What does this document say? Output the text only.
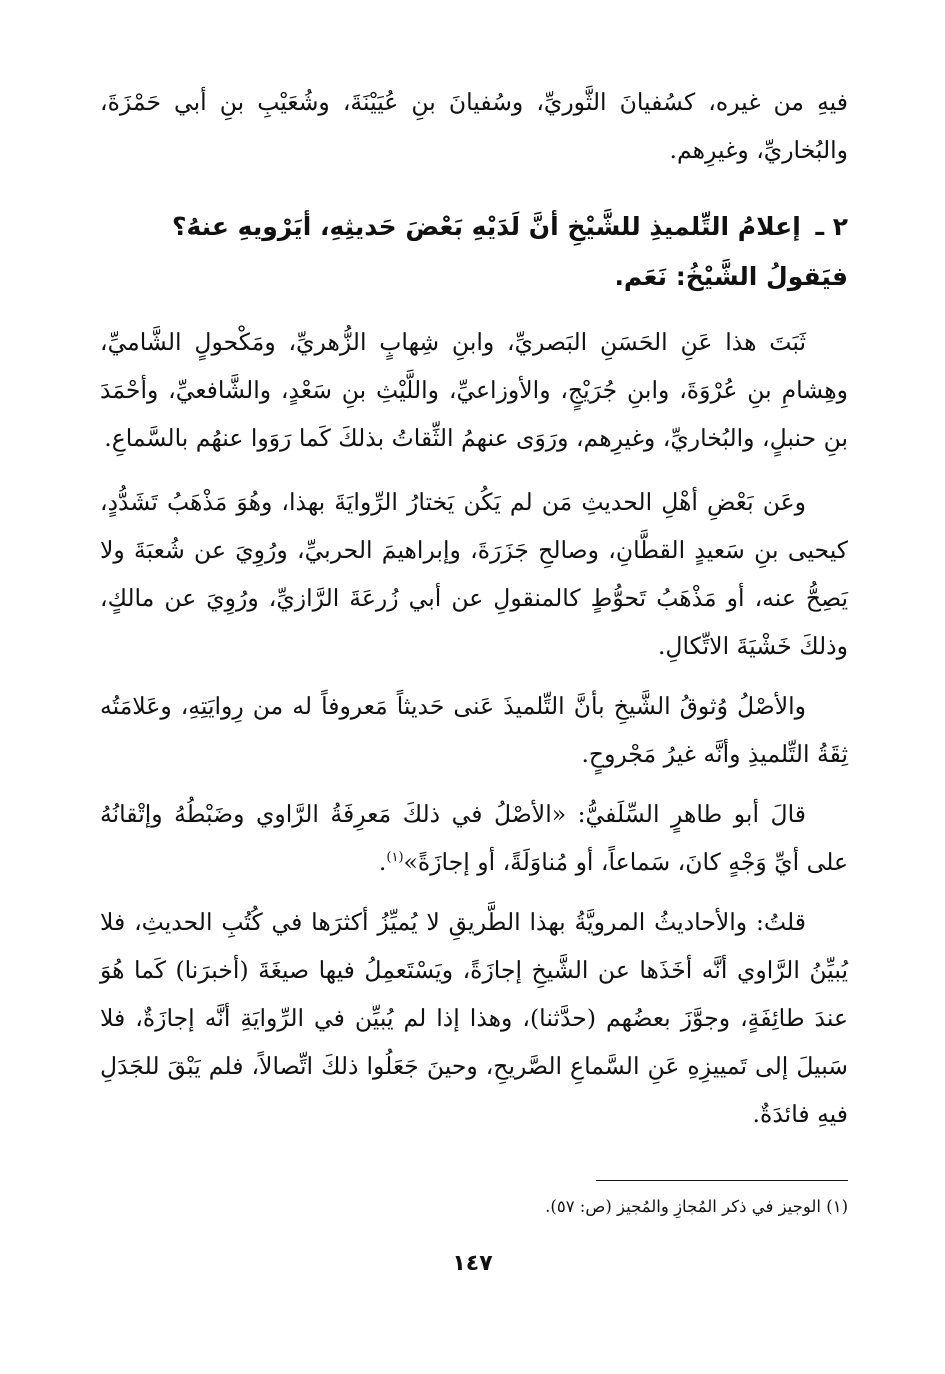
فيهِ من غيره، كسُفيانَ الثَّوريِّ، وسُفيانَ بنِ عُيَيْنَةَ، وشُعَيْبِ بنِ أبي حَمْزَةَ، والبُخاريِّ، وغيرِهم.

٢ ـ إعلامُ التِّلميذِ للشَّيْخِ أنَّ لَدَيْهِ بَعْضَ حَديثِهِ، أيَرْويهِ عنهُ؟
فيَقولُ الشَّيْخُ: نَعَم.

ثَبَتَ هذا عَنِ الحَسَنِ البَصريِّ، وابنِ شِهابٍ الزُّهريِّ، ومَكْحولٍ الشَّاميِّ، وهِشامِ بنِ عُرْوَةَ، وابنِ جُرَيْجٍ، والأوزاعيِّ، واللَّيْثِ بنِ سَعْدٍ، والشَّافعيِّ، وأحْمَدَ بنِ حنبلٍ، والبُخاريِّ، وغيرِهم، ورَوَى عنهمُ الثِّقاتُ بذلكَ كَما رَوَوا عنهُم بالسَّماعِ.

وعَن بَعْضِ أهْلِ الحديثِ مَن لم يَكُن يَختارُ الرِّوايَةَ بهذا، وهُوَ مَذْهَبُ تَشَدُّدٍ، كيحيى بنِ سَعيدٍ القطَّانِ، وصالحِ جَزَرَةَ، وإبراهيمَ الحربيِّ، ورُوِيَ عن شُعبَةَ ولا يَصِحُّ عنه، أو مَذْهَبُ تَحوُّطٍ كالمنقولِ عن أبي زُرعَةَ الرَّازيِّ، ورُوِيَ عن مالكٍ، وذلكَ خَشْيَةَ الاتِّكالِ.

والأصْلُ وُثوقُ الشَّيخِ بأنَّ التِّلميذَ عَنى حَديثاً مَعروفاً له من رِوايَتِهِ، وعَلامَتُه ثِقَةُ التِّلميذِ وأنَّه غيرُ مَجْروحٍ.

قالَ أبو طاهرٍ السِّلَفيُّ: «الأصْلُ في ذلكَ مَعرِفَةُ الرَّاوي وضَبْطُهُ وإتْقانُهُ على أيِّ وَجْهٍ كانَ، سَماعاً، أو مُناوَلَةً، أو إجازَةً»$^{(١)}$.

قلتُ: والأحاديثُ المرويَّةُ بهذا الطَّريقِ لا يُميِّزُ أكثرَها في كُتُبِ الحديثِ، فلا يُبيِّنُ الرَّاوي أنَّه أخَذَها عن الشَّيخِ إجازَةً، ويَسْتَعمِلُ فيها صيغَةَ (أخبرَنا) كَما هُوَ عندَ طائِفَةٍ، وجوَّزَ بعضُهم (حدَّثنا)، وهذا إذا لم يُبيِّن في الرِّوايَةِ أنَّه إجازَةٌ، فلا سَبيلَ إلى تَمييزِهِ عَنِ السَّماعِ الصَّريحِ، وحينَ جَعَلُوا ذلكَ اتِّصالاً، فلم يَبْقَ للجَدَلِ فيهِ فائدَةٌ.

(١) الوجيز في ذكر المُجازِ والمُجيز (ص: ٥٧).

١٤٧
